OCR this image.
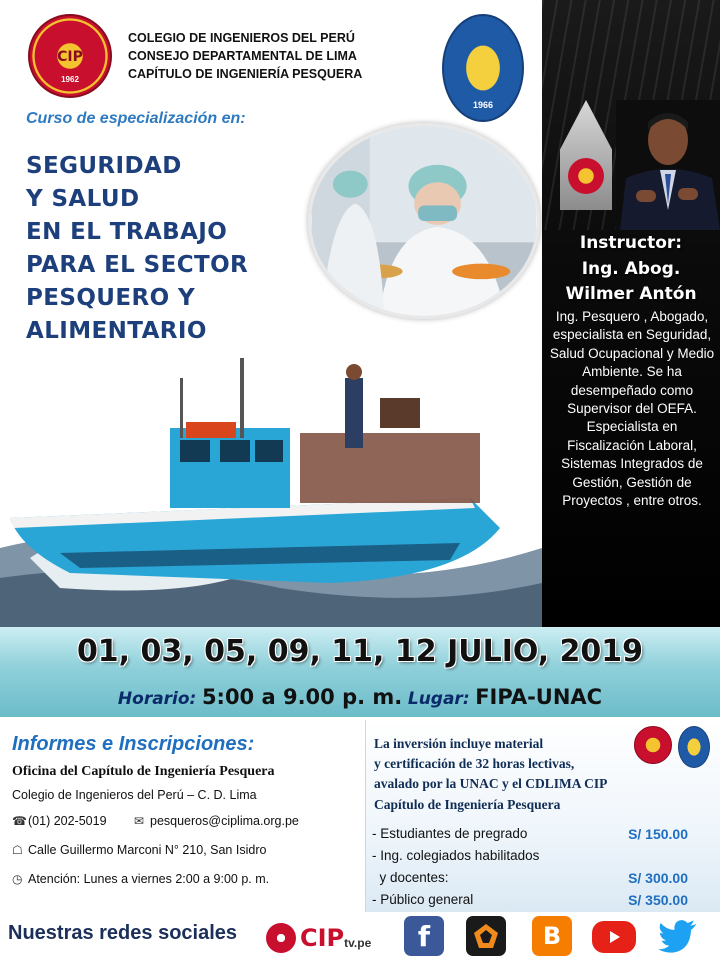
CIP
1962
COLEGIO DE INGENIEROS DEL PERÚ
CONSEJO DEPARTAMENTAL DE LIMA
CAPÍTULO DE INGENIERÍA PESQUERA
1966
Instructor:
Ing. Abog.
Wilmer Antón
Ing. Pesquero , Abogado, especialista en Seguridad, Salud Ocupacional y Medio Ambiente. Se ha desempeñado como Supervisor del OEFA. Especialista en Fiscalización Laboral, Sistemas Integrados de Gestión, Gestión de Proyectos , entre otros.
Curso de especialización en:
SEGURIDAD
Y SALUD
EN EL TRABAJO
PARA EL SECTOR
PESQUERO Y
ALIMENTARIO
01, 03, 05, 09, 11, 12 JULIO, 2019
Horario: 5:00 a 9.00 p. m. Lugar: FIPA-UNAC
Informes e Inscripciones:
Oficina del Capítulo de Ingeniería Pesquera
Colegio de Ingenieros del Perú – C. D. Lima
☎ (01) 202-5019 ✉ pesqueros@ciplima.org.pe
☖ Calle Guillermo Marconi N° 210, San Isidro
◷ Atención: Lunes a viernes 2:00 a 9:00 p. m.
La inversión incluye material
y certificación de 32 horas lectivas,
avalado por la UNAC y el CDLIMA CIP
Capítulo de Ingeniería Pesquera
- Estudiantes de pregrado	S/ 150.00
- Ing. colegiados habilitados
y docentes:	S/ 300.00
- Público general	S/ 350.00
Nuestras redes sociales	CIP tv.pe	f	B
